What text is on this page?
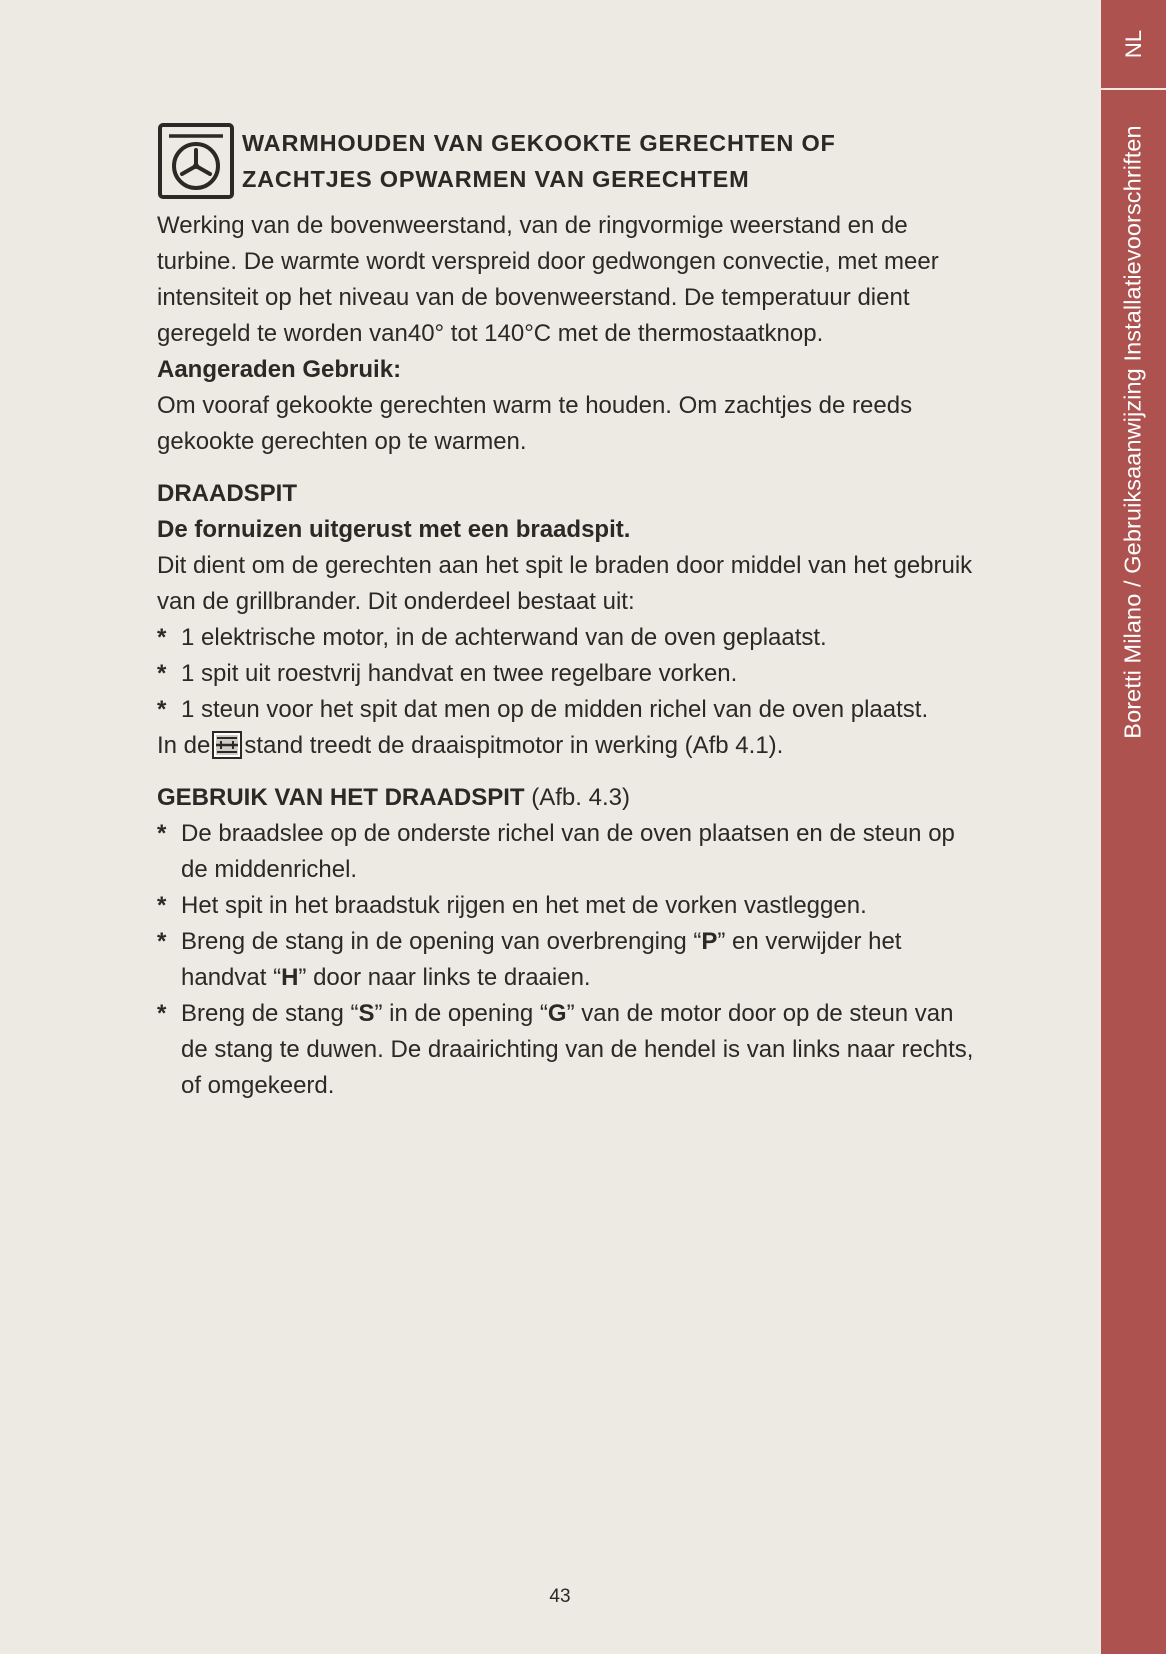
NL
Boretti Milano / Gebruiksaanwijzing Installatievoorschriften
WARMHOUDEN VAN GEKOOKTE GERECHTEN OF
ZACHTJES OPWARMEN VAN GERECHTEM

Werking van de bovenweerstand, van de ringvormige weerstand en de turbine. De warmte wordt verspreid door gedwongen convectie, met meer intensiteit op het niveau van de bovenweerstand. De temperatuur dient geregeld te worden van40° tot 140°C met de thermostaatknop.

Aangeraden Gebruik:

Om vooraf gekookte gerechten warm te houden. Om zachtjes de reeds gekookte gerechten op te warmen.

DRAADSPIT

De fornuizen uitgerust met een braadspit.

Dit dient om de gerechten aan het spit le braden door middel van het gebruik van de grillbrander. Dit onderdeel bestaat uit:

* 1 elektrische motor, in de achterwand van de oven geplaatst.
* 1 spit uit roestvrij handvat en twee regelbare vorken.
* 1 steun voor het spit dat men op de midden richel van de oven plaatst.

In de stand treedt de draaispitmotor in werking (Afb 4.1).

GEBRUIK VAN HET DRAADSPIT (Afb. 4.3)

* De braadslee op de onderste richel van de oven plaatsen en de steun op de middenrichel.
* Het spit in het braadstuk rijgen en het met de vorken vastleggen.
* Breng de stang in de opening van overbrenging “P” en verwijder het handvat “H” door naar links te draaien.
* Breng de stang “S” in de opening “G” van de motor door op de steun van de stang te duwen. De draairichting van de hendel is van links naar rechts, of omgekeerd.
43
